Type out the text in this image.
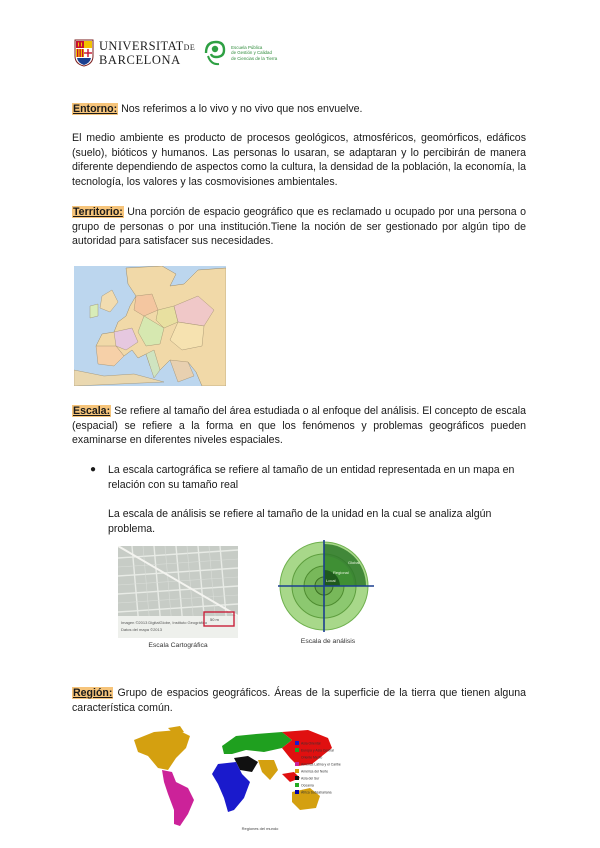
UNIVERSITATDE
BARCELONA
Escuela Pública
de Gestión y Calidad
de Ciencias de la Tierra

Entorno: Nos referimos a lo vivo y no vivo que nos envuelve.

El medio ambiente es producto de procesos geológicos, atmosféricos, geomórficos, edáficos (suelo), bióticos y humanos. Las personas lo usaran, se adaptaran y lo percibirán de manera diferente dependiendo de aspectos como la cultura, la densidad de la población, la economía, la tecnología, los valores y las cosmovisiones ambientales.

Territorio: Una porción de espacio geográfico que es reclamado u ocupado por una persona o grupo de personas o por una institución.Tiene la noción de ser gestionado por algún tipo de autoridad para satisfacer sus necesidades.

Escala: Se refiere al tamaño del área estudiada o al enfoque del análisis. El concepto de escala (espacial) se refiere a la forma en que los fenómenos y problemas geográficos pueden examinarse en diferentes niveles espaciales.

● La escala cartográfica se refiere al tamaño de un entidad representada en un mapa en relación con su tamaño real

La escala de análisis se refiere al tamaño de la unidad en la cual se analiza algún problema.

Imagen ©2013 DigitalGlobe, Instituto Geográfico
Datos del mapa ©2013
50 m
Escala Cartográfica
Global
Regional
Local
Escala de análisis

Región: Grupo de espacios geográficos. Áreas de la superficie de la tierra que tienen alguna característica común.

Asia Oriental
Europa y Asia Central
Oriente Medio
América Latina y el Caribe
América del Norte
Asia del Sur
Oceanía
África Subsahariana
Regiones del mundo
